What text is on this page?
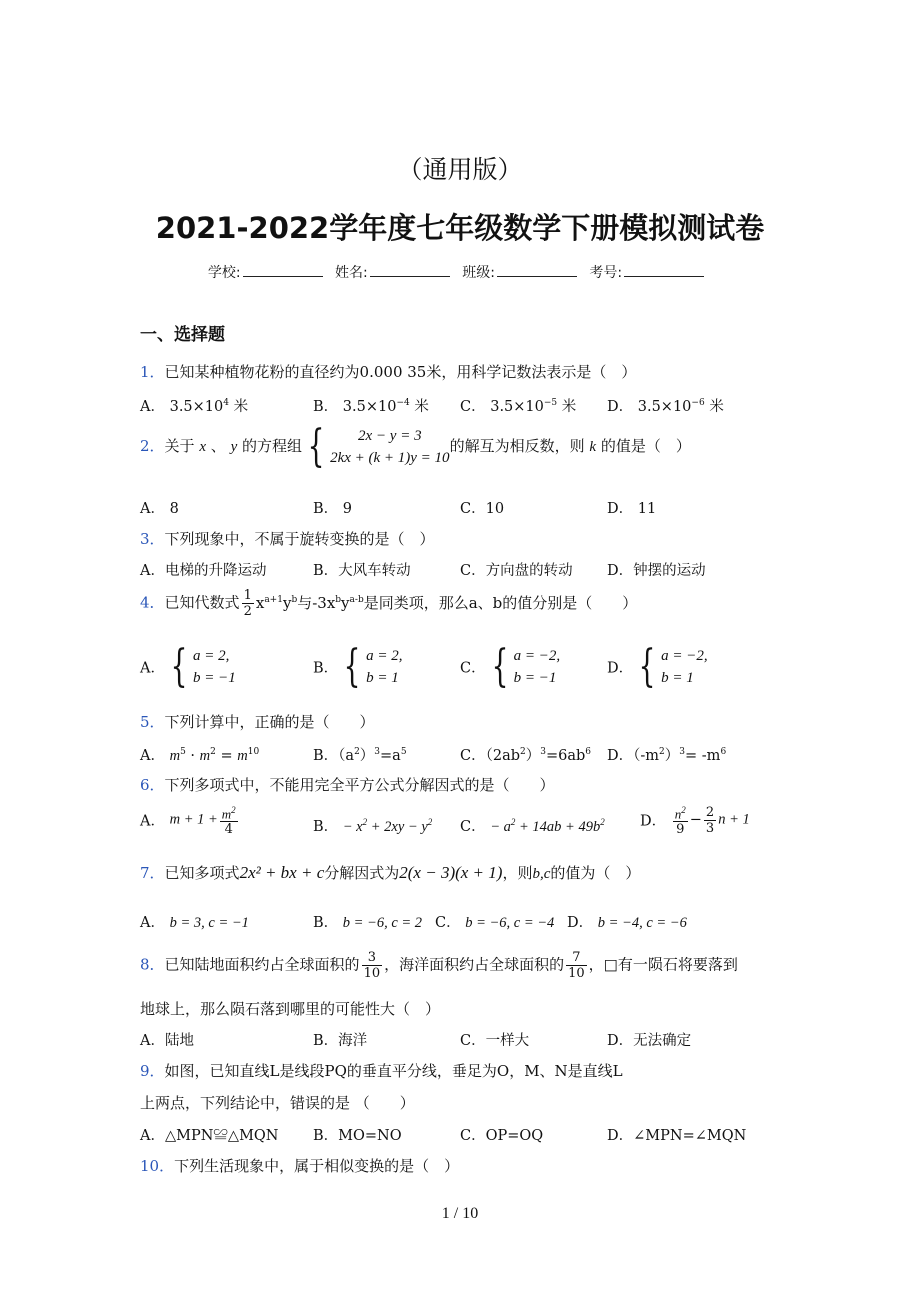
（通用版）
2021-2022学年度七年级数学下册模拟测试卷
学校:	姓名:	班级:	考号:
一、选择题
1．已知某种植物花粉的直径约为0.000 35米，用科学记数法表示是（　）
A． $3.5\times 10^4$ 米	B． $3.5\times 10^{-4}$ 米 C． $3.5\times 10^{-5}$ 米 D． $3.5\times 10^{-6}$ 米
2．关于 x 、 y 的方程组 {	2x − y = 3
2kx + (k + 1)y = 10
的解互为相反数，则 k 的值是（　）
A． 8	B． 9	C．10	D． 11
3．下列现象中，不属于旋转变换的是（　）
A．电梯的升降运动	B．大风车转动	C．方向盘的转动 D．钟摆的运动
4．已知代数式 $\frac{1}{2} x^{a+1}y^b$与$-3x^by^{a-b}$是同类项，那么a、b的值分别是（　　）
A． { a = 2,
b = −1
B． { a = 2,
b = 1
C． { a = −2,
b = −1
D． { a = −2,
b = 1
5．下列计算中，正确的是（　　）
A． $m^5 \cdot m^2 = m^{10}$	B．$(a^2)^3=a^5$	C．$(2ab^2)^3=6ab^6$ D．$(-m^2)^3= -m^6$
6．下列多项式中，不能用完全平方公式分解因式的是（　　）
A． $m + 1 + \frac{m^2}{4}$	B． − $x^2 + 2xy - y^2$ C． − $a^2 + 14ab + 49b^2$ D． $\frac{n^2}{9} - \frac{2}{3}$ n + 1
7．已知多项式2x² + bx + c分解因式为2(x − 3)(x + 1)，则b,c的值为（　）
A． b = 3, c = −1	B． b = −6, c = 2 C． b = −6, c = −4 D． b = −4, c = −6
8．已知陆地面积约占全球面积的 $\frac{3}{10}$ ，海洋面积约占全球面积的 $\frac{7}{10}$ ，□有一陨石将要落到
地球上，那么陨石落到哪里的可能性大（　）
A．陆地	B．海洋	C．一样大	D．无法确定
9．如图，已知直线L是线段PQ的垂直平分线，垂足为O，M、N是直线L
上两点，下列结论中，错误的是 （　　）
A．△MPN≌△MQN B．MO=NO	C．OP=OQ	D．∠MPN=∠MQN
10．下列生活现象中，属于相似变换的是（　）
1 / 10
